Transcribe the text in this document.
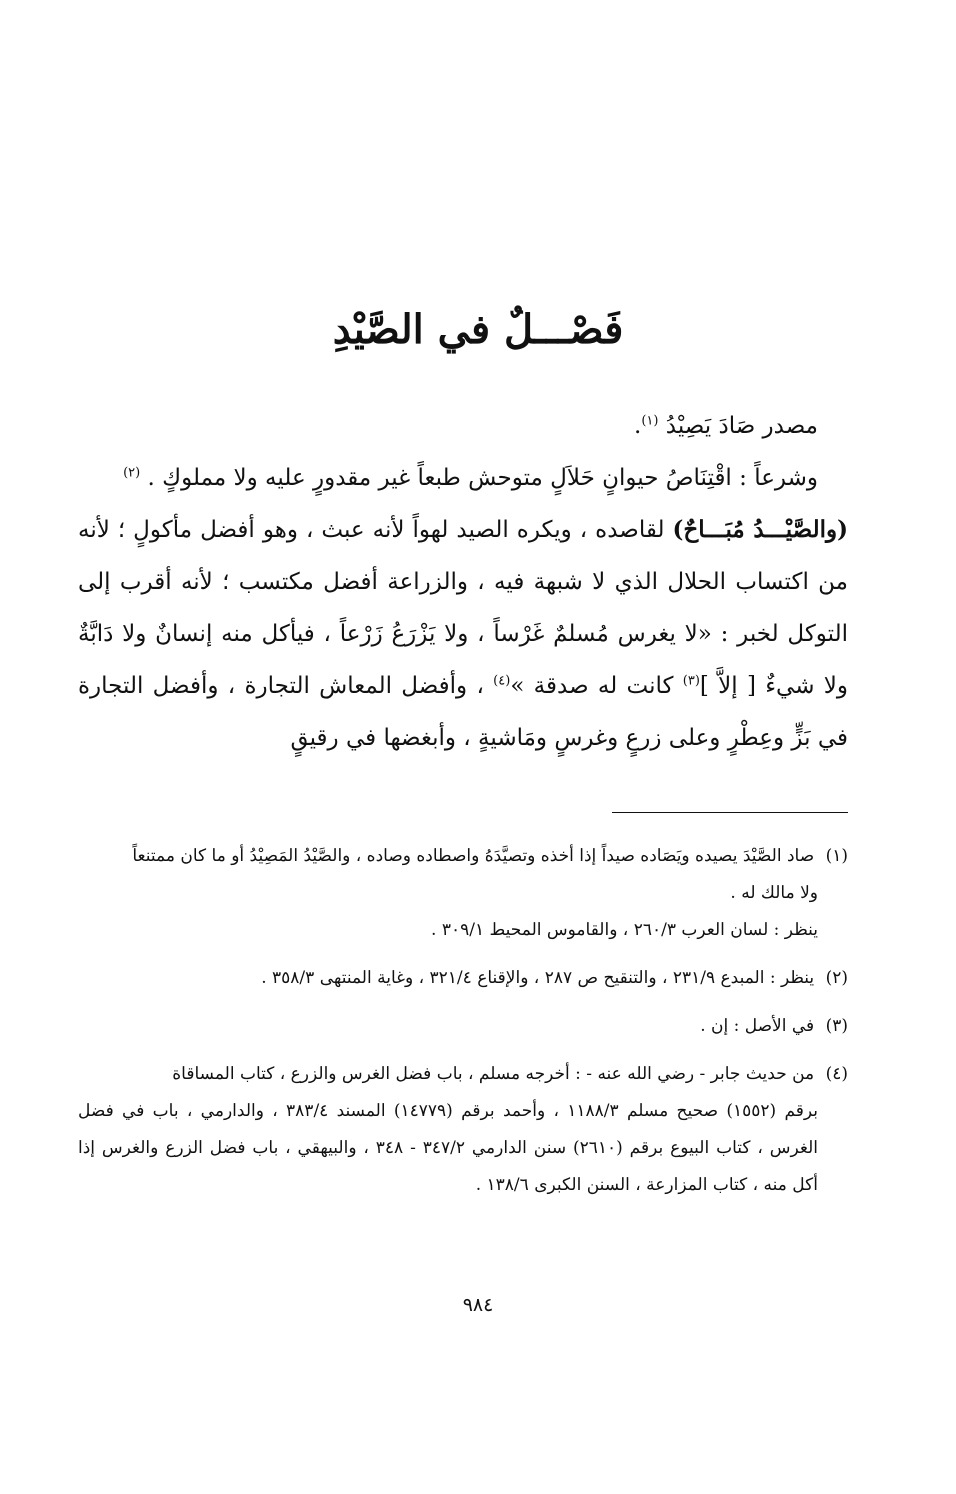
فَصْـــلٌ في الصَّيْدِ

مصدر صَادَ يَصِيْدُ $^{(١)}$.

وشرعاً : اقْتِنَاصُ حيوانٍ حَلاَلٍ متوحش طبعاً غير مقدورٍ عليه ولا مملوكٍ . $^{(٢)}$

(والصَّيْـــدُ مُبَـــاحٌ) لقاصده ، ويكره الصيد لهواً لأنه عبث ، وهو أفضل مأكولٍ ؛ لأنه من اكتساب الحلال الذي لا شبهة فيه ، والزراعة أفضل مكتسب ؛ لأنه أقرب إلى التوكل لخبر : «لا يغرس مُسلمٌ غَرْساً ، ولا يَزْرَعُ زَرْعاً ، فيأكل منه إنسانٌ ولا دَابَّةٌ ولا شيءٌ [ إلاَّ ]$^{(٣)}$ كانت له صدقة »$^{(٤)}$ ، وأفضل المعاش التجارة ، وأفضل التجارة في بَزٍّ وعِطْرٍ وعلى زرعٍ وغرسٍ ومَاشيةٍ ، وأبغضها في رقيقٍ

(١) صاد الصَّيْدَ يصيده ويَصَاده صيداً إذا أخذه وتصيَّدَهُ واصطاده وصاده ، والصَّيْدُ المَصِيْدُ أو ما كان ممتنعاً
ولا مالك له .
ينظر : لسان العرب ٢٦٠/٣ ، والقاموس المحيط ٣٠٩/١ .
(٢) ينظر : المبدع ٢٣١/٩ ، والتنقيح ص ٢٨٧ ، والإقناع ٣٢١/٤ ، وغاية المنتهى ٣٥٨/٣ .
(٣) في الأصل : إن .
(٤) من حديث جابر - رضي الله عنه - : أخرجه مسلم ، باب فضل الغرس والزرع ، كتاب المساقاة
برقم (١٥٥٢) صحيح مسلم ١١٨٨/٣ ، وأحمد برقم (١٤٧٧٩) المسند ٣٨٣/٤ ، والدارمي ، باب في فضل الغرس ، كتاب البيوع برقم (٢٦١٠) سنن الدارمي ٣٤٧/٢ - ٣٤٨ ، والبيهقي ، باب فضل الزرع والغرس إذا أكل منه ، كتاب المزارعة ، السنن الكبرى ١٣٨/٦ .
٩٨٤
